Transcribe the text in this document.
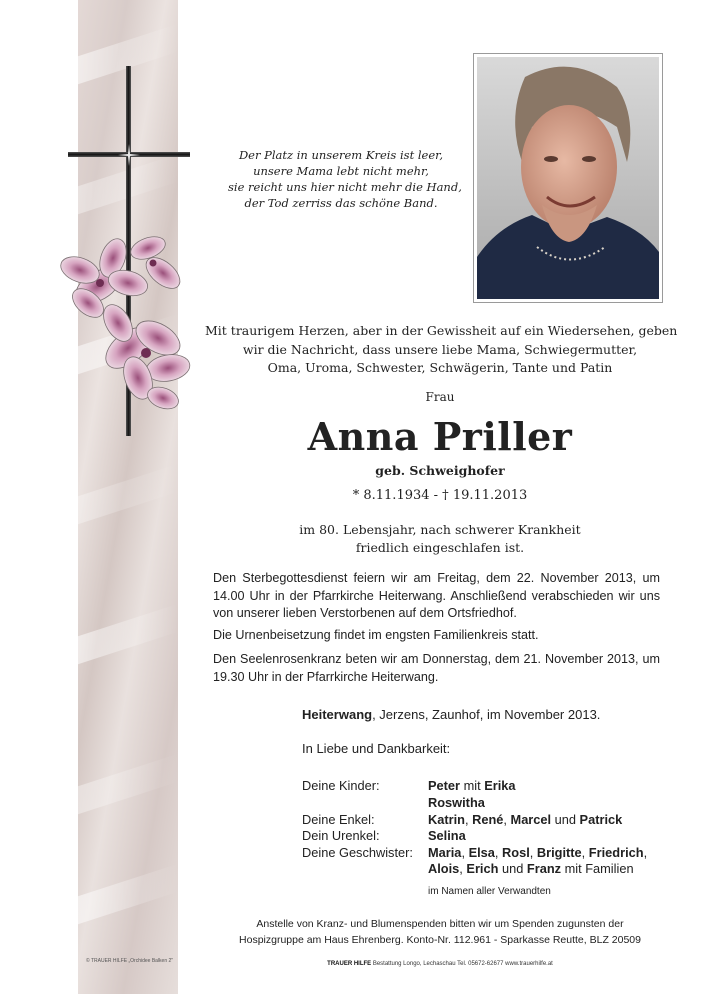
© TRAUER HILFE „Orchidee Balken 2"
Der Platz in unserem Kreis ist leer,
unsere Mama lebt nicht mehr,
sie reicht uns hier nicht mehr die Hand,
der Tod zerriss das schöne Band.
Mit traurigem Herzen, aber in der Gewissheit auf ein Wiedersehen, geben
wir die Nachricht, dass unsere liebe Mama, Schwiegermutter,
Oma, Uroma, Schwester, Schwägerin, Tante und Patin
Frau
Anna Priller
geb. Schweighofer
* 8.11.1934 - † 19.11.2013
im 80. Lebensjahr, nach schwerer Krankheit
friedlich eingeschlafen ist.
Den Sterbegottesdienst feiern wir am Freitag, dem 22. November 2013, um 14.00 Uhr in der Pfarrkirche Heiterwang. Anschließend verabschieden wir uns von unserer lieben Verstorbenen auf dem Ortsfriedhof.
Die Urnenbeisetzung findet im engsten Familienkreis statt.
Den Seelenrosenkranz beten wir am Donnerstag, dem 21. November 2013, um 19.30 Uhr in der Pfarrkirche Heiterwang.
Heiterwang, Jerzens, Zaunhof, im November 2013.
In Liebe und Dankbarkeit:
Deine Kinder:	Peter mit Erika
Roswitha
Deine Enkel:	Katrin, René, Marcel und Patrick
Dein Urenkel:	Selina
Deine Geschwister: Maria, Elsa, Rosl, Brigitte, Friedrich,
Alois, Erich und Franz mit Familien
im Namen aller Verwandten
Anstelle von Kranz- und Blumenspenden bitten wir um Spenden zugunsten der
Hospizgruppe am Haus Ehrenberg. Konto-Nr. 112.961 - Sparkasse Reutte, BLZ 20509
TRAUER HILFE Bestattung Longo, Lechaschau Tel. 05672-62677 www.trauerhilfe.at
